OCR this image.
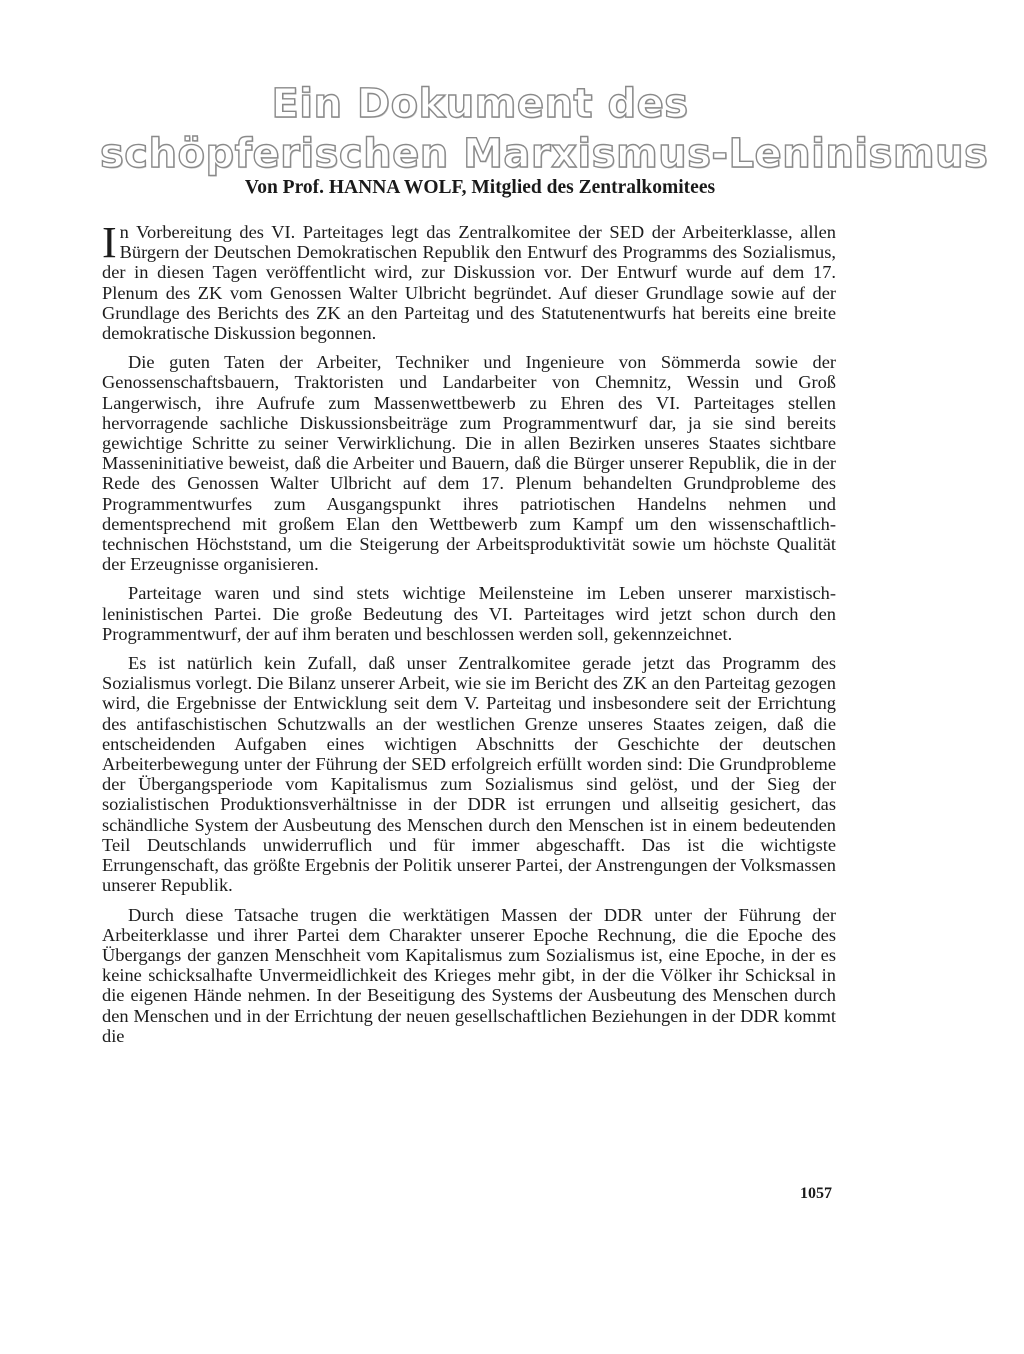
Ein Dokument des
schöpferischen Marxismus-Leninismus
Von Prof. HANNA WOLF, Mitglied des Zentralkomitees

In Vorbereitung des VI. Parteitages legt das Zentralkomitee der SED der Arbeiterklasse, allen Bürgern der Deutschen Demokratischen Republik den Entwurf des Programms des Sozialismus, der in diesen Tagen veröffentlicht wird, zur Diskussion vor. Der Entwurf wurde auf dem 17. Plenum des ZK vom Genossen Walter Ulbricht begründet. Auf dieser Grundlage sowie auf der Grundlage des Berichts des ZK an den Parteitag und des Statutenentwurfs hat bereits eine breite demokratische Diskussion begonnen.

Die guten Taten der Arbeiter, Techniker und Ingenieure von Sömmerda sowie der Genossenschaftsbauern, Traktoristen und Landarbeiter von Chemnitz, Wessin und Groß Langerwisch, ihre Aufrufe zum Massenwettbewerb zu Ehren des VI. Parteitages stellen hervorragende sachliche Diskussionsbeiträge zum Programmentwurf dar, ja sie sind bereits gewichtige Schritte zu seiner Verwirklichung. Die in allen Bezirken unseres Staates sichtbare Masseninitiative beweist, daß die Arbeiter und Bauern, daß die Bürger unserer Republik, die in der Rede des Genossen Walter Ulbricht auf dem 17. Plenum behandelten Grundprobleme des Programmentwurfes zum Ausgangspunkt ihres patriotischen Handelns nehmen und dementsprechend mit großem Elan den Wettbewerb zum Kampf um den wissenschaftlich-technischen Höchststand, um die Steigerung der Arbeitsproduktivität sowie um höchste Qualität der Erzeugnisse organisieren.

Parteitage waren und sind stets wichtige Meilensteine im Leben unserer marxistisch-leninistischen Partei. Die große Bedeutung des VI. Parteitages wird jetzt schon durch den Programmentwurf, der auf ihm beraten und beschlossen werden soll, gekennzeichnet.

Es ist natürlich kein Zufall, daß unser Zentralkomitee gerade jetzt das Programm des Sozialismus vorlegt. Die Bilanz unserer Arbeit, wie sie im Bericht des ZK an den Parteitag gezogen wird, die Ergebnisse der Entwicklung seit dem V. Parteitag und insbesondere seit der Errichtung des antifaschistischen Schutzwalls an der westlichen Grenze unseres Staates zeigen, daß die entscheidenden Aufgaben eines wichtigen Abschnitts der Geschichte der deutschen Arbeiterbewegung unter der Führung der SED erfolgreich erfüllt worden sind: Die Grundprobleme der Übergangsperiode vom Kapitalismus zum Sozialismus sind gelöst, und der Sieg der sozialistischen Produktionsverhältnisse in der DDR ist errungen und allseitig gesichert, das schändliche System der Ausbeutung des Menschen durch den Menschen ist in einem bedeutenden Teil Deutschlands unwiderruflich und für immer abgeschafft. Das ist die wichtigste Errungenschaft, das größte Ergebnis der Politik unserer Partei, der Anstrengungen der Volksmassen unserer Republik.

Durch diese Tatsache trugen die werktätigen Massen der DDR unter der Führung der Arbeiterklasse und ihrer Partei dem Charakter unserer Epoche Rechnung, die die Epoche des Übergangs der ganzen Menschheit vom Kapitalismus zum Sozialismus ist, eine Epoche, in der es keine schicksalhafte Unvermeidlichkeit des Krieges mehr gibt, in der die Völker ihr Schicksal in die eigenen Hände nehmen. In der Beseitigung des Systems der Ausbeutung des Menschen durch den Menschen und in der Errichtung der neuen gesellschaftlichen Beziehungen in der DDR kommt die

1057
